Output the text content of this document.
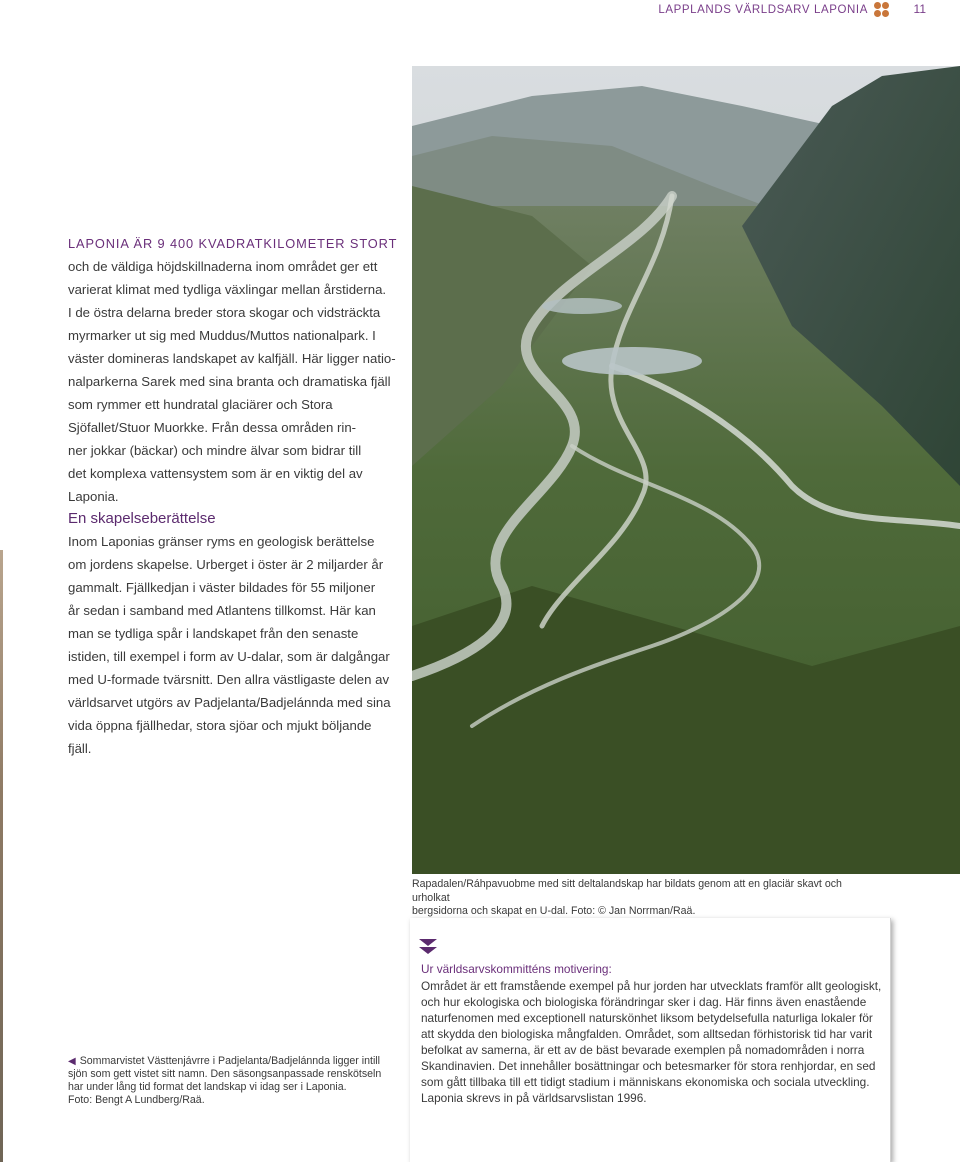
LAPPLANDS VÄRLDSARV LAPONIA	11

LAPONIA ÄR 9 400 KVADRATKILOMETER STORT

och de väldiga höjdskillnaderna inom området ger ett

varierat klimat med tydliga växlingar mellan årstiderna.

I de östra delarna breder stora skogar och vidsträckta

myrmarker ut sig med Muddus/Muttos nationalpark. I

väster domineras landskapet av kalfjäll. Här ligger natio-

nalparkerna Sarek med sina branta och dramatiska fjäll

som rymmer ett hundratal glaciärer och Stora

Sjöfallet/Stuor Muorkke. Från dessa områden rin-

ner jokkar (bäckar) och mindre älvar som bidrar till

det komplexa vattensystem som är en viktig del av

Laponia.

En skapelseberättelse

Inom Laponias gränser ryms en geologisk berättelse

om jordens skapelse. Urberget i öster är 2 miljarder år

gammalt. Fjällkedjan i väster bildades för 55 miljoner

år sedan i samband med Atlantens tillkomst. Här kan

man se tydliga spår i landskapet från den senaste

istiden, till exempel i form av U-dalar, som är dalgångar

med U-formade tvärsnitt. Den allra västligaste delen av

världsarvet utgörs av Padjelanta/Badjelánnda med sina

vida öppna fjällhedar, stora sjöar och mjukt böljande fjäll.

Rapadalen/Ráhpavuobme med sitt deltalandskap har bildats genom att en glaciär skavt och urholkat
bergsidorna och skapat en U-dal. Foto: © Jan Norrman/Raä.
◀ Sommarvistet Västtenjávrre i Padjelanta/Badjelánnda ligger intill
sjön som gett vistet sitt namn. Den säsongsanpassade renskötseln
har under lång tid format det landskap vi idag ser i Laponia.
Foto: Bengt A Lundberg/Raä.
Ur världsarvskommitténs motivering:
Området är ett framstående exempel på hur jorden har utvecklats framför allt geologiskt,
och hur ekologiska och biologiska förändringar sker i dag. Här finns även enastående
naturfenomen med exceptionell naturskönhet liksom betydelsefulla naturliga lokaler för
att skydda den biologiska mångfalden. Området, som alltsedan förhistorisk tid har varit
befolkat av samerna, är ett av de bäst bevarade exemplen på nomadområden i norra
Skandinavien. Det innehåller bosättningar och betesmarker för stora renhjordar, en sed
som gått tillbaka till ett tidigt stadium i människans ekonomiska och sociala utveckling.
Laponia skrevs in på världsarvslistan 1996.
